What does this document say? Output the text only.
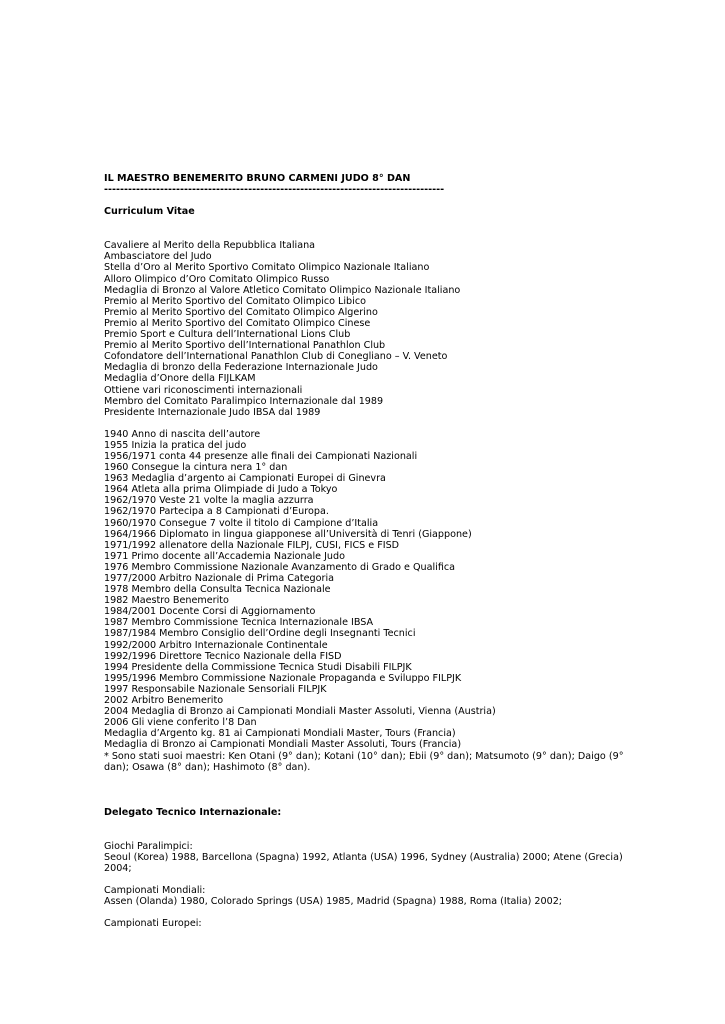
IL MAESTRO BENEMERITO BRUNO CARMENI JUDO 8° DAN

-------------------------------------------------------------------------------------

Curriculum Vitae

Cavaliere al Merito della Repubblica Italiana

Ambasciatore del Judo

Stella d’Oro al Merito Sportivo Comitato Olimpico Nazionale Italiano

Alloro Olimpico d’Oro Comitato Olimpico Russo

Medaglia di Bronzo al Valore Atletico Comitato Olimpico Nazionale Italiano

Premio al Merito Sportivo del Comitato Olimpico Libico

Premio al Merito Sportivo del Comitato Olimpico Algerino

Premio al Merito Sportivo del Comitato Olimpico Cinese

Premio Sport e Cultura dell’International Lions Club

Premio al Merito Sportivo dell’International Panathlon Club

Cofondatore dell’International Panathlon Club di Conegliano – V. Veneto

Medaglia di bronzo della Federazione Internazionale Judo

Medaglia d’Onore della FIJLKAM

Ottiene vari riconoscimenti internazionali

Membro del Comitato Paralimpico Internazionale dal 1989

Presidente Internazionale Judo IBSA dal 1989

1940 Anno di nascita dell’autore

1955 Inizia la pratica del judo

1956/1971 conta 44 presenze alle finali dei Campionati Nazionali

1960 Consegue la cintura nera 1° dan

1963 Medaglia d’argento ai Campionati Europei di Ginevra

1964 Atleta alla prima Olimpiade di Judo a Tokyo

1962/1970 Veste 21 volte la maglia azzurra

1962/1970 Partecipa a 8 Campionati d’Europa.

1960/1970 Consegue 7 volte il titolo di Campione d’Italia

1964/1966 Diplomato in lingua giapponese all’Università di Tenri (Giappone)

1971/1992 allenatore della Nazionale FILPJ, CUSI, FICS e FISD

1971 Primo docente all’Accademia Nazionale Judo

1976 Membro Commissione Nazionale Avanzamento di Grado e Qualifica

1977/2000 Arbitro Nazionale di Prima Categoria

1978 Membro della Consulta Tecnica Nazionale

1982 Maestro Benemerito

1984/2001 Docente Corsi di Aggiornamento

1987 Membro Commissione Tecnica Internazionale IBSA

1987/1984 Membro Consiglio dell’Ordine degli Insegnanti Tecnici

1992/2000 Arbitro Internazionale Continentale

1992/1996 Direttore Tecnico Nazionale della FISD

1994 Presidente della Commissione Tecnica Studi Disabili FILPJK

1995/1996 Membro Commissione Nazionale Propaganda e Sviluppo FILPJK

1997 Responsabile Nazionale Sensoriali FILPJK

2002 Arbitro Benemerito

2004 Medaglia di Bronzo ai Campionati Mondiali Master Assoluti, Vienna (Austria)

2006 Gli viene conferito l’8 Dan

Medaglia d’Argento kg. 81 ai Campionati Mondiali Master, Tours (Francia)

Medaglia di Bronzo ai Campionati Mondiali Master Assoluti, Tours (Francia)

* Sono stati suoi maestri: Ken Otani (9° dan); Kotani (10° dan); Ebii (9° dan); Matsumoto (9° dan); Daigo (9° dan); Osawa (8° dan); Hashimoto (8° dan).

Delegato Tecnico Internazionale:

Giochi Paralimpici:

Seoul (Korea) 1988, Barcellona (Spagna) 1992, Atlanta (USA) 1996, Sydney (Australia) 2000; Atene (Grecia) 2004;

Campionati Mondiali:

Assen (Olanda) 1980, Colorado Springs (USA) 1985, Madrid (Spagna) 1988, Roma (Italia) 2002;

Campionati Europei:
